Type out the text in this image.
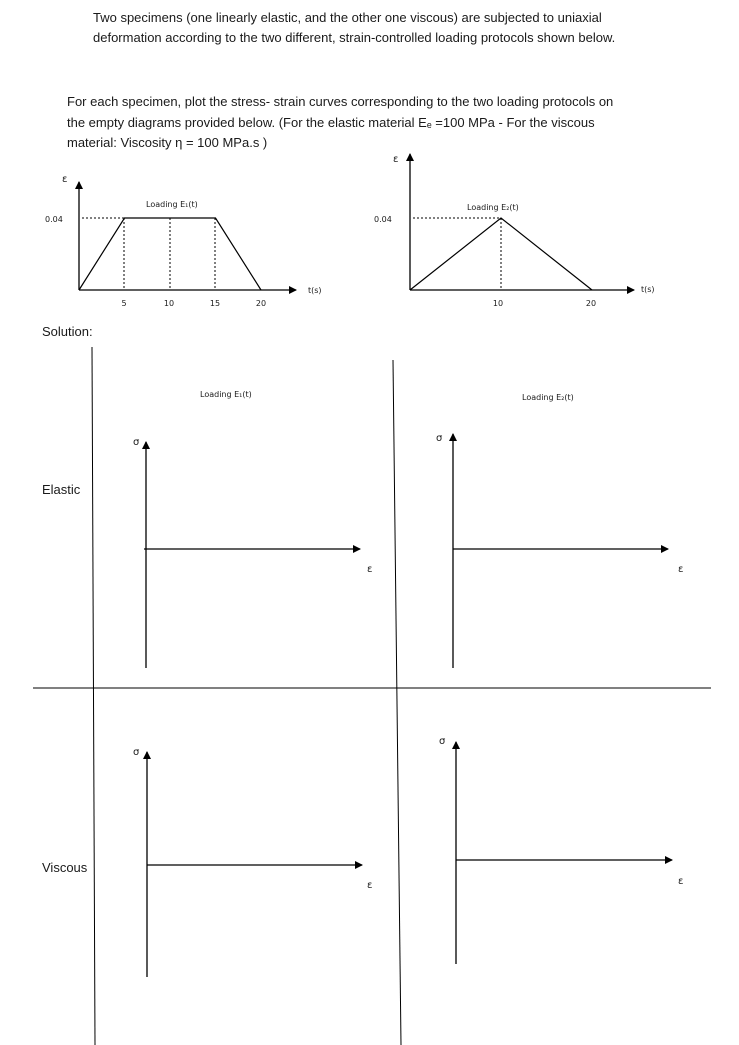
Two specimens (one linearly elastic, and the other one viscous) are subjected to uniaxial
deformation according to the two different, strain-controlled loading protocols shown below.
For each specimen, plot the stress- strain curves corresponding to the two loading protocols on
the empty diagrams provided below. (For the elastic material Eₑ =100 MPa - For the viscous
material: Viscosity η = 100 MPa.s )
Loading Ε₁(t)
0.04
ε
t(s)
5	10	15	20
Loading Ε₂(t)
0.04
ε
t(s)
10	20
Loading Ε₁(t)	Loading Ε₂(t)
σ
ε
σ
ε
σ
ε
σ
ε
Solution:
Elastic
Viscous
